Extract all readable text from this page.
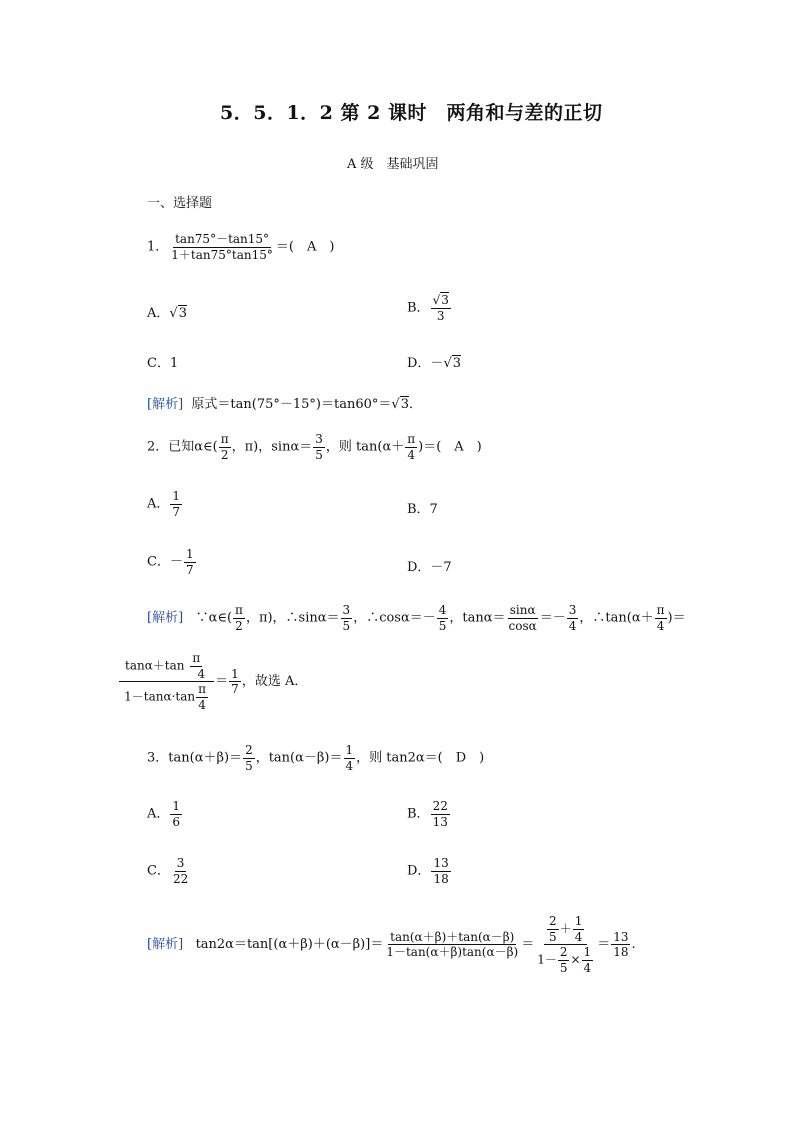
5．5．1．2 第 2 课时　两角和与差的正切
A 级　基础巩固
一、选择题
1． $\frac{\tan 75^\circ-\tan 15^\circ}{1+\tan 75^\circ\tan 15^\circ}$ ＝(　A　)
A．√3	B． $\frac{√3}{3}$
C．1	D．－√3
[解析] 原式＝tan(75°－15°)＝tan60°＝√3．
2．已知α∈( $\frac{\pi}{2}$ ，π)，$\sin\alpha= \frac{3}{5}$ ，则 $\tan(\alpha+ \frac{\pi}{4}$ )＝(　A　)
A． $\frac{1}{7}$	B．7
C．－ $\frac{1}{7}$	D．－7
[解析] ∵α∈( $\frac{\pi}{2}$ ，π)，∴sinα＝ $\frac{3}{5}$ ，∴cosα＝－ $\frac{4}{5}$ ，$\tan\alpha= \frac{\sin\alpha}{\cos\alpha} =- \frac{3}{4}$ ，∴tan(α＋ $\frac{\pi}{4}$ )＝
$\frac{\tan\alpha+\tan \frac{\pi}{4}}{1-\tan\alpha\cdot\tan \frac{\pi}{4}} = \frac{1}{7}$ ，故选 A．
3．$\tan(\alpha+\beta)= \frac{2}{5}$ ，$\tan(\alpha-\beta)= \frac{1}{4}$ ，则 tan2α＝(　D　)
A． $\frac{1}{6}$	B． $\frac{22}{13}$
C． $\frac{3}{22}$	D． $\frac{13}{18}$
[解析] $\tan 2\alpha=\tan[(\alpha+\beta)+(\alpha-\beta)]= \frac{\tan(\alpha+\beta)+\tan(\alpha-\beta)}{1-\tan(\alpha+\beta)\tan(\alpha-\beta)} = \frac{\frac{2}{5} + \frac{1}{4}}{1- \frac{2}{5} \times \frac{1}{4}} = \frac{13}{18}$ .
